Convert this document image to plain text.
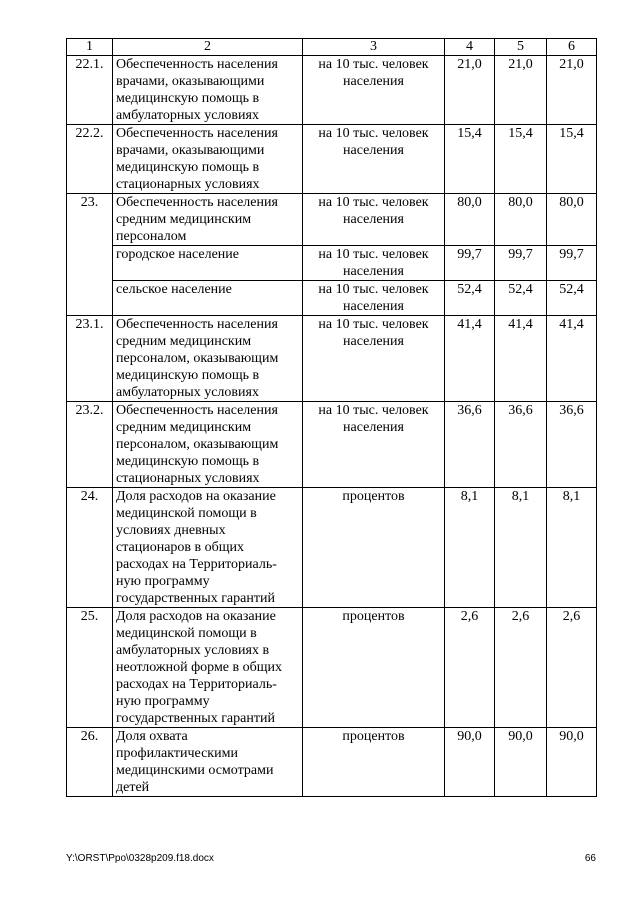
1	2	3	4	5	6
22.1.	Обеспеченность населения врачами, оказывающими медицинскую помощь в амбулаторных условиях	на 10 тыс. человек населения	21,0	21,0	21,0
22.2.	Обеспеченность населения врачами, оказывающими медицинскую помощь в стационарных условиях	на 10 тыс. человек населения	15,4	15,4	15,4
23.	Обеспеченность населения средним медицинским персоналом	на 10 тыс. человек населения	80,0	80,0	80,0
	городское население	на 10 тыс. человек населения	99,7	99,7	99,7
	сельское население	на 10 тыс. человек населения	52,4	52,4	52,4
23.1.	Обеспеченность населения средним медицинским персоналом, оказывающим медицинскую помощь в амбулаторных условиях	на 10 тыс. человек населения	41,4	41,4	41,4
23.2.	Обеспеченность населения средним медицинским персоналом, оказывающим медицинскую помощь в стационарных условиях	на 10 тыс. человек населения	36,6	36,6	36,6
24.	Доля расходов на оказание медицинской помощи в условиях дневных стационаров в общих расходах на Территориаль-ную программу государственных гарантий	процентов	8,1	8,1	8,1
25.	Доля расходов на оказание медицинской помощи в амбулаторных условиях в неотложной форме в общих расходах на Территориаль-ную программу государственных гарантий	процентов	2,6	2,6	2,6
26.	Доля охвата профилактическими медицинскими осмотрами детей	процентов	90,0	90,0	90,0
Y:\ORST\Ppo\0328p209.f18.docx	66
